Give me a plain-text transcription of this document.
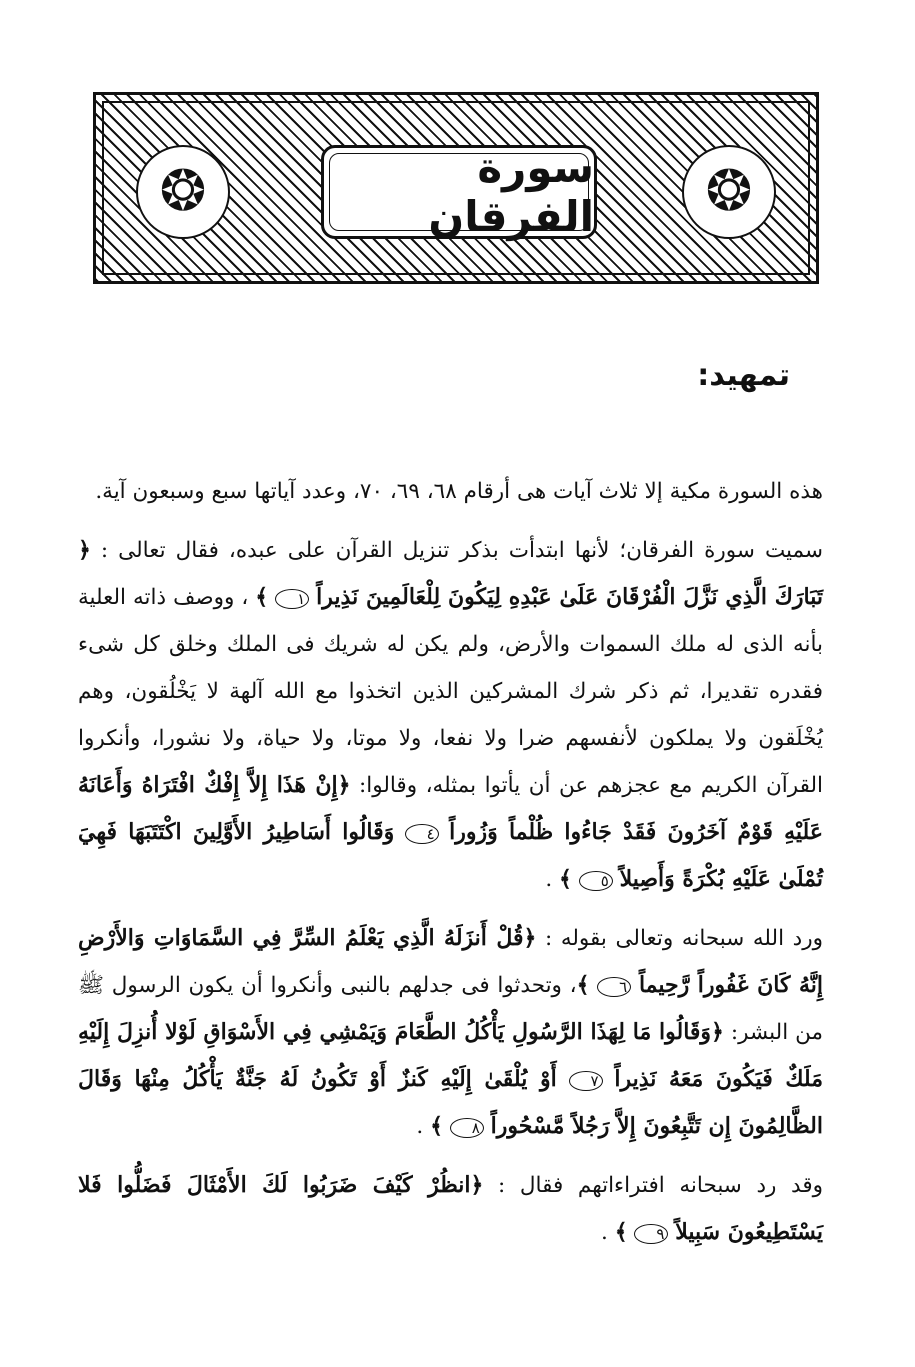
❂
سورة الفرقان
❂
تمهيد:

هذه السورة مكية إلا ثلاث آيات هى أرقام ٦٨، ٦٩، ٧٠، وعدد آياتها سبع وسبعون آية.

سميت سورة الفرقان؛ لأنها ابتدأت بذكر تنزيل القرآن على عبده، فقال تعالى : ﴿ تَبَارَكَ الَّذِي نَزَّلَ الْفُرْقَانَ عَلَىٰ عَبْدِهِ لِيَكُونَ لِلْعَالَمِينَ نَذِيراً ١ ﴾ ، ووصف ذاته العلية بأنه الذى له ملك السموات والأرض، ولم يكن له شريك فى الملك وخلق كل شىء فقدره تقديرا، ثم ذكر شرك المشركين الذين اتخذوا مع الله آلهة لا يَخْلُقون، وهم يُخْلَقون ولا يملكون لأنفسهم ضرا ولا نفعا، ولا موتا، ولا حياة، ولا نشورا، وأنكروا القرآن الكريم مع عجزهم عن أن يأتوا بمثله، وقالوا: ﴿إِنْ هَذَا إِلاَّ إِفْكٌ افْتَرَاهُ وَأَعَانَهُ عَلَيْهِ قَوْمٌ آخَرُونَ فَقَدْ جَاءُوا ظُلْماً وَزُوراً ٤ وَقَالُوا أَسَاطِيرُ الأَوَّلِينَ اكْتَتَبَهَا فَهِيَ تُمْلَىٰ عَلَيْهِ بُكْرَةً وَأَصِيلاً ٥ ﴾ .

ورد الله سبحانه وتعالى بقوله : ﴿قُلْ أَنزَلَهُ الَّذِي يَعْلَمُ السِّرَّ فِي السَّمَاوَاتِ وَالأَرْضِ إِنَّهُ كَانَ غَفُوراً رَّحِيماً ٦ ﴾، وتحدثوا فى جدلهم بالنبى وأنكروا أن يكون الرسول ﷺ من البشر: ﴿وَقَالُوا مَا لِهَذَا الرَّسُولِ يَأْكُلُ الطَّعَامَ وَيَمْشِي فِي الأَسْوَاقِ لَوْلا أُنزِلَ إِلَيْهِ مَلَكٌ فَيَكُونَ مَعَهُ نَذِيراً ٧ أَوْ يُلْقَىٰ إِلَيْهِ كَنزٌ أَوْ تَكُونُ لَهُ جَنَّةٌ يَأْكُلُ مِنْهَا وَقَالَ الظَّالِمُونَ إِن تَتَّبِعُونَ إِلاَّ رَجُلاً مَّسْحُوراً ٨ ﴾ .

وقد رد سبحانه افتراءاتهم فقال : ﴿انظُرْ كَيْفَ ضَرَبُوا لَكَ الأَمْثَالَ فَضَلُّوا فَلا يَسْتَطِيعُونَ سَبِيلاً ٩ ﴾ .
